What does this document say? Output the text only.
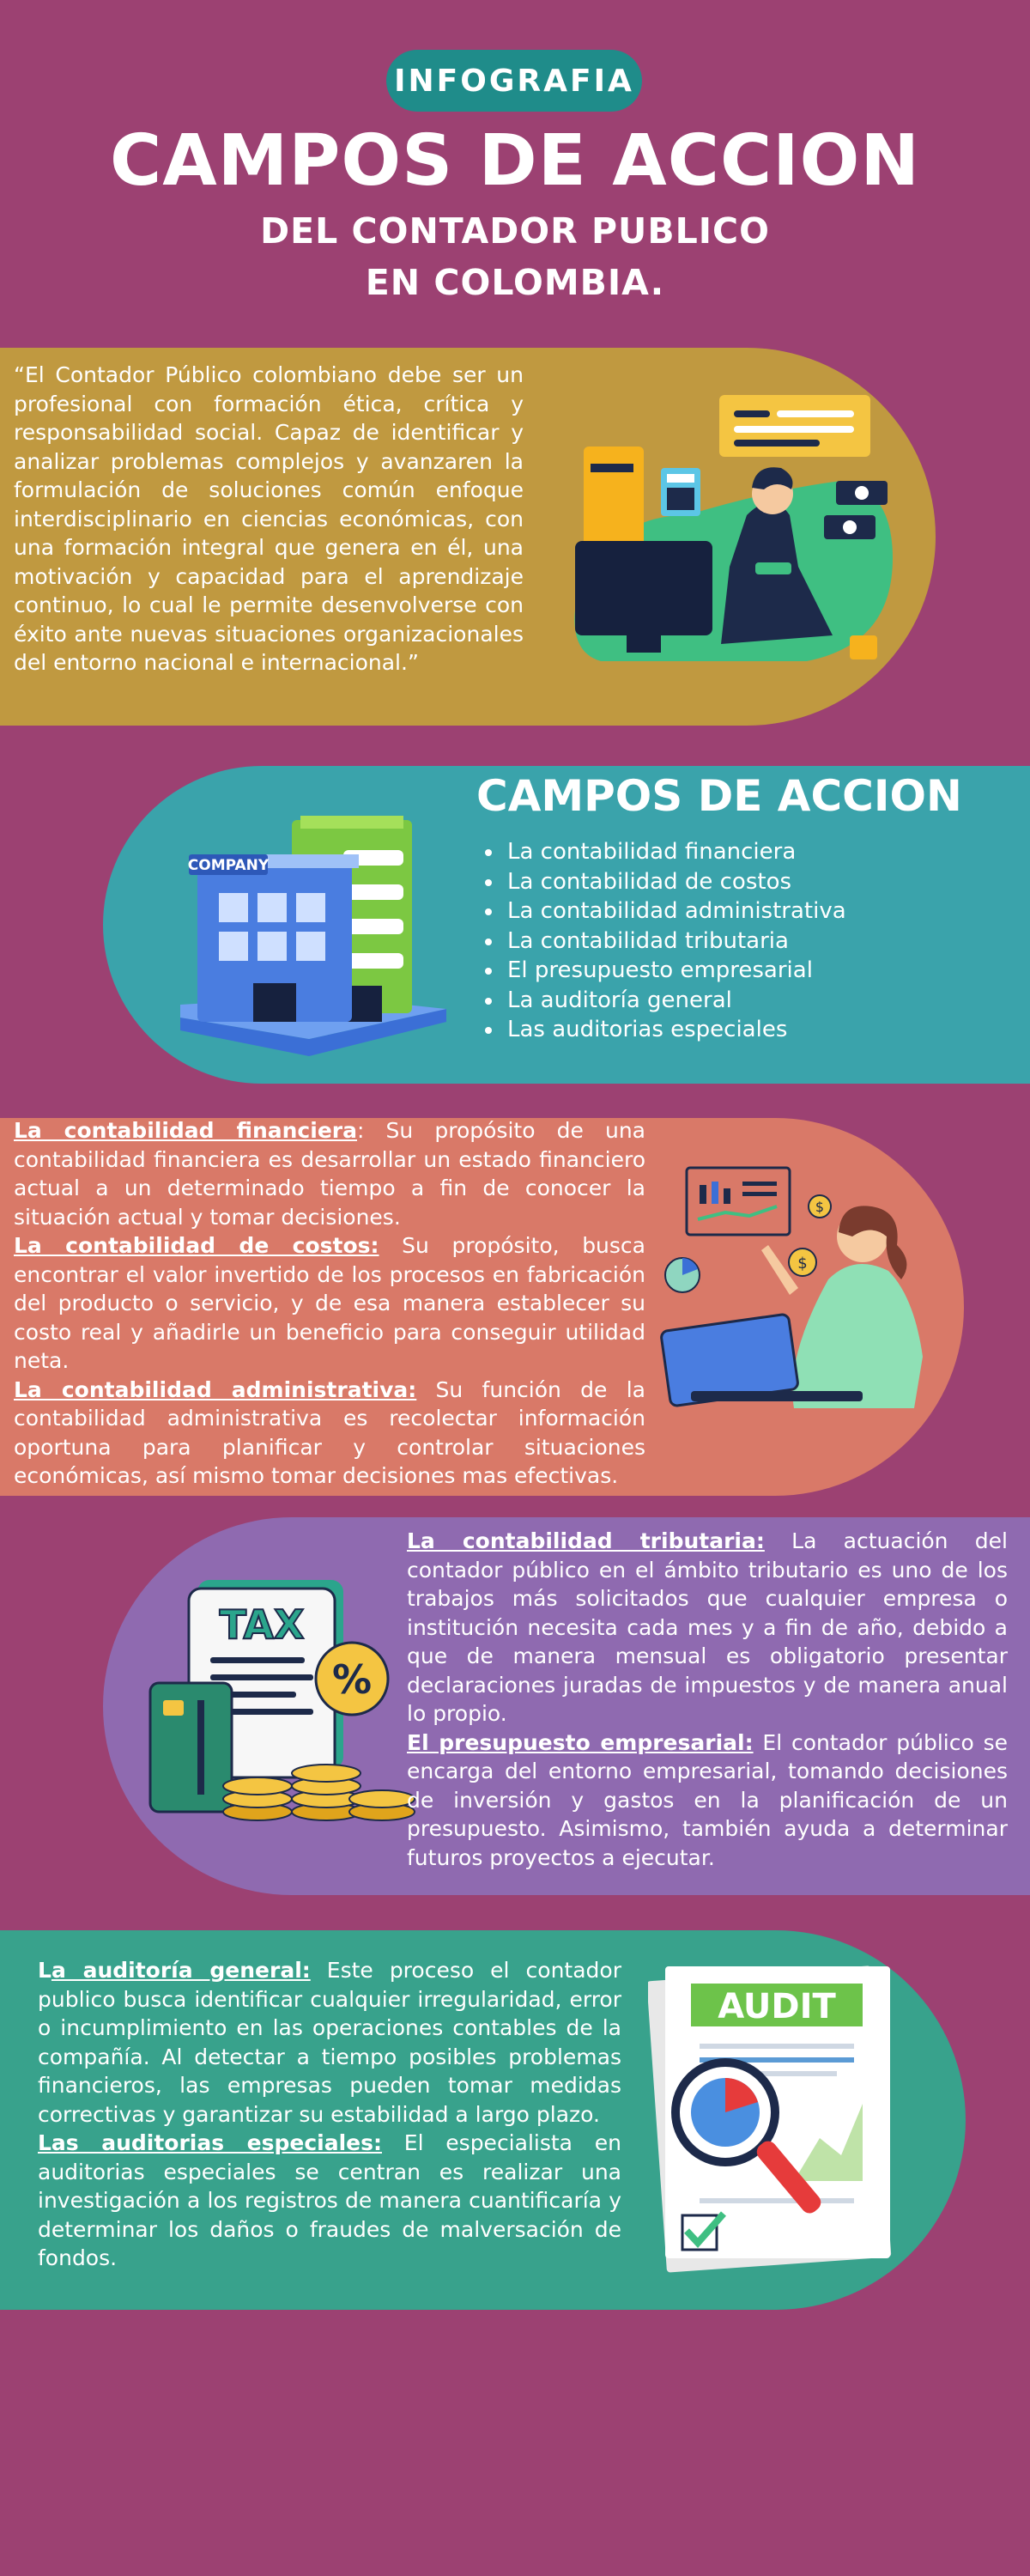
INFOGRAFIA
CAMPOS DE ACCION
DEL CONTADOR PUBLICO
EN COLOMBIA.
“El Contador Público colombiano debe ser un profesional con formación ética, crítica y responsabilidad social. Capaz de identificar y analizar problemas complejos y avanzaren la formulación de soluciones común enfoque interdisciplinario en ciencias económicas, con una formación integral que genera en él, una motivación y capacidad para el aprendizaje continuo, lo cual le permite desenvolverse con éxito ante nuevas situaciones organizacionales del entorno nacional e internacional.”
COMPANY
CAMPOS DE ACCION
• La contabilidad financiera
• La contabilidad de costos
• La contabilidad administrativa
• La contabilidad tributaria
• El presupuesto empresarial
• La auditoría general
• Las auditorias especiales

La contabilidad financiera: Su propósito de una contabilidad financiera es desarrollar un estado financiero actual a un determinado tiempo a fin de conocer la situación actual y tomar decisiones.

La contabilidad de costos: Su propósito, busca encontrar el valor invertido de los procesos en fabricación del producto o servicio, y de esa manera establecer su costo real y añadirle un beneficio para conseguir utilidad neta.

La contabilidad administrativa: Su función de la contabilidad administrativa es recolectar información oportuna para planificar y controlar situaciones económicas, así mismo tomar decisiones mas efectivas.

$
$
TAX
%

La contabilidad tributaria: La actuación del contador público en el ámbito tributario es uno de los trabajos más solicitados que cualquier empresa o institución necesita cada mes y a fin de año, debido a que de manera mensual es obligatorio presentar declaraciones juradas de impuestos y de manera anual lo propio.

El presupuesto empresarial: El contador público se encarga del entorno empresarial, tomando decisiones de inversión y gastos en la planificación de un presupuesto. Asimismo, también ayuda a determinar futuros proyectos a ejecutar.

La auditoría general: Este proceso el contador publico busca identificar cualquier irregularidad, error o incumplimiento en las operaciones contables de la compañía. Al detectar a tiempo posibles problemas financieros, las empresas pueden tomar medidas correctivas y garantizar su estabilidad a largo plazo.

Las auditorias especiales: El especialista en auditorias especiales se centran es realizar una investigación a los registros de manera cuantificaría y determinar los daños o fraudes de malversación de fondos.

AUDIT
